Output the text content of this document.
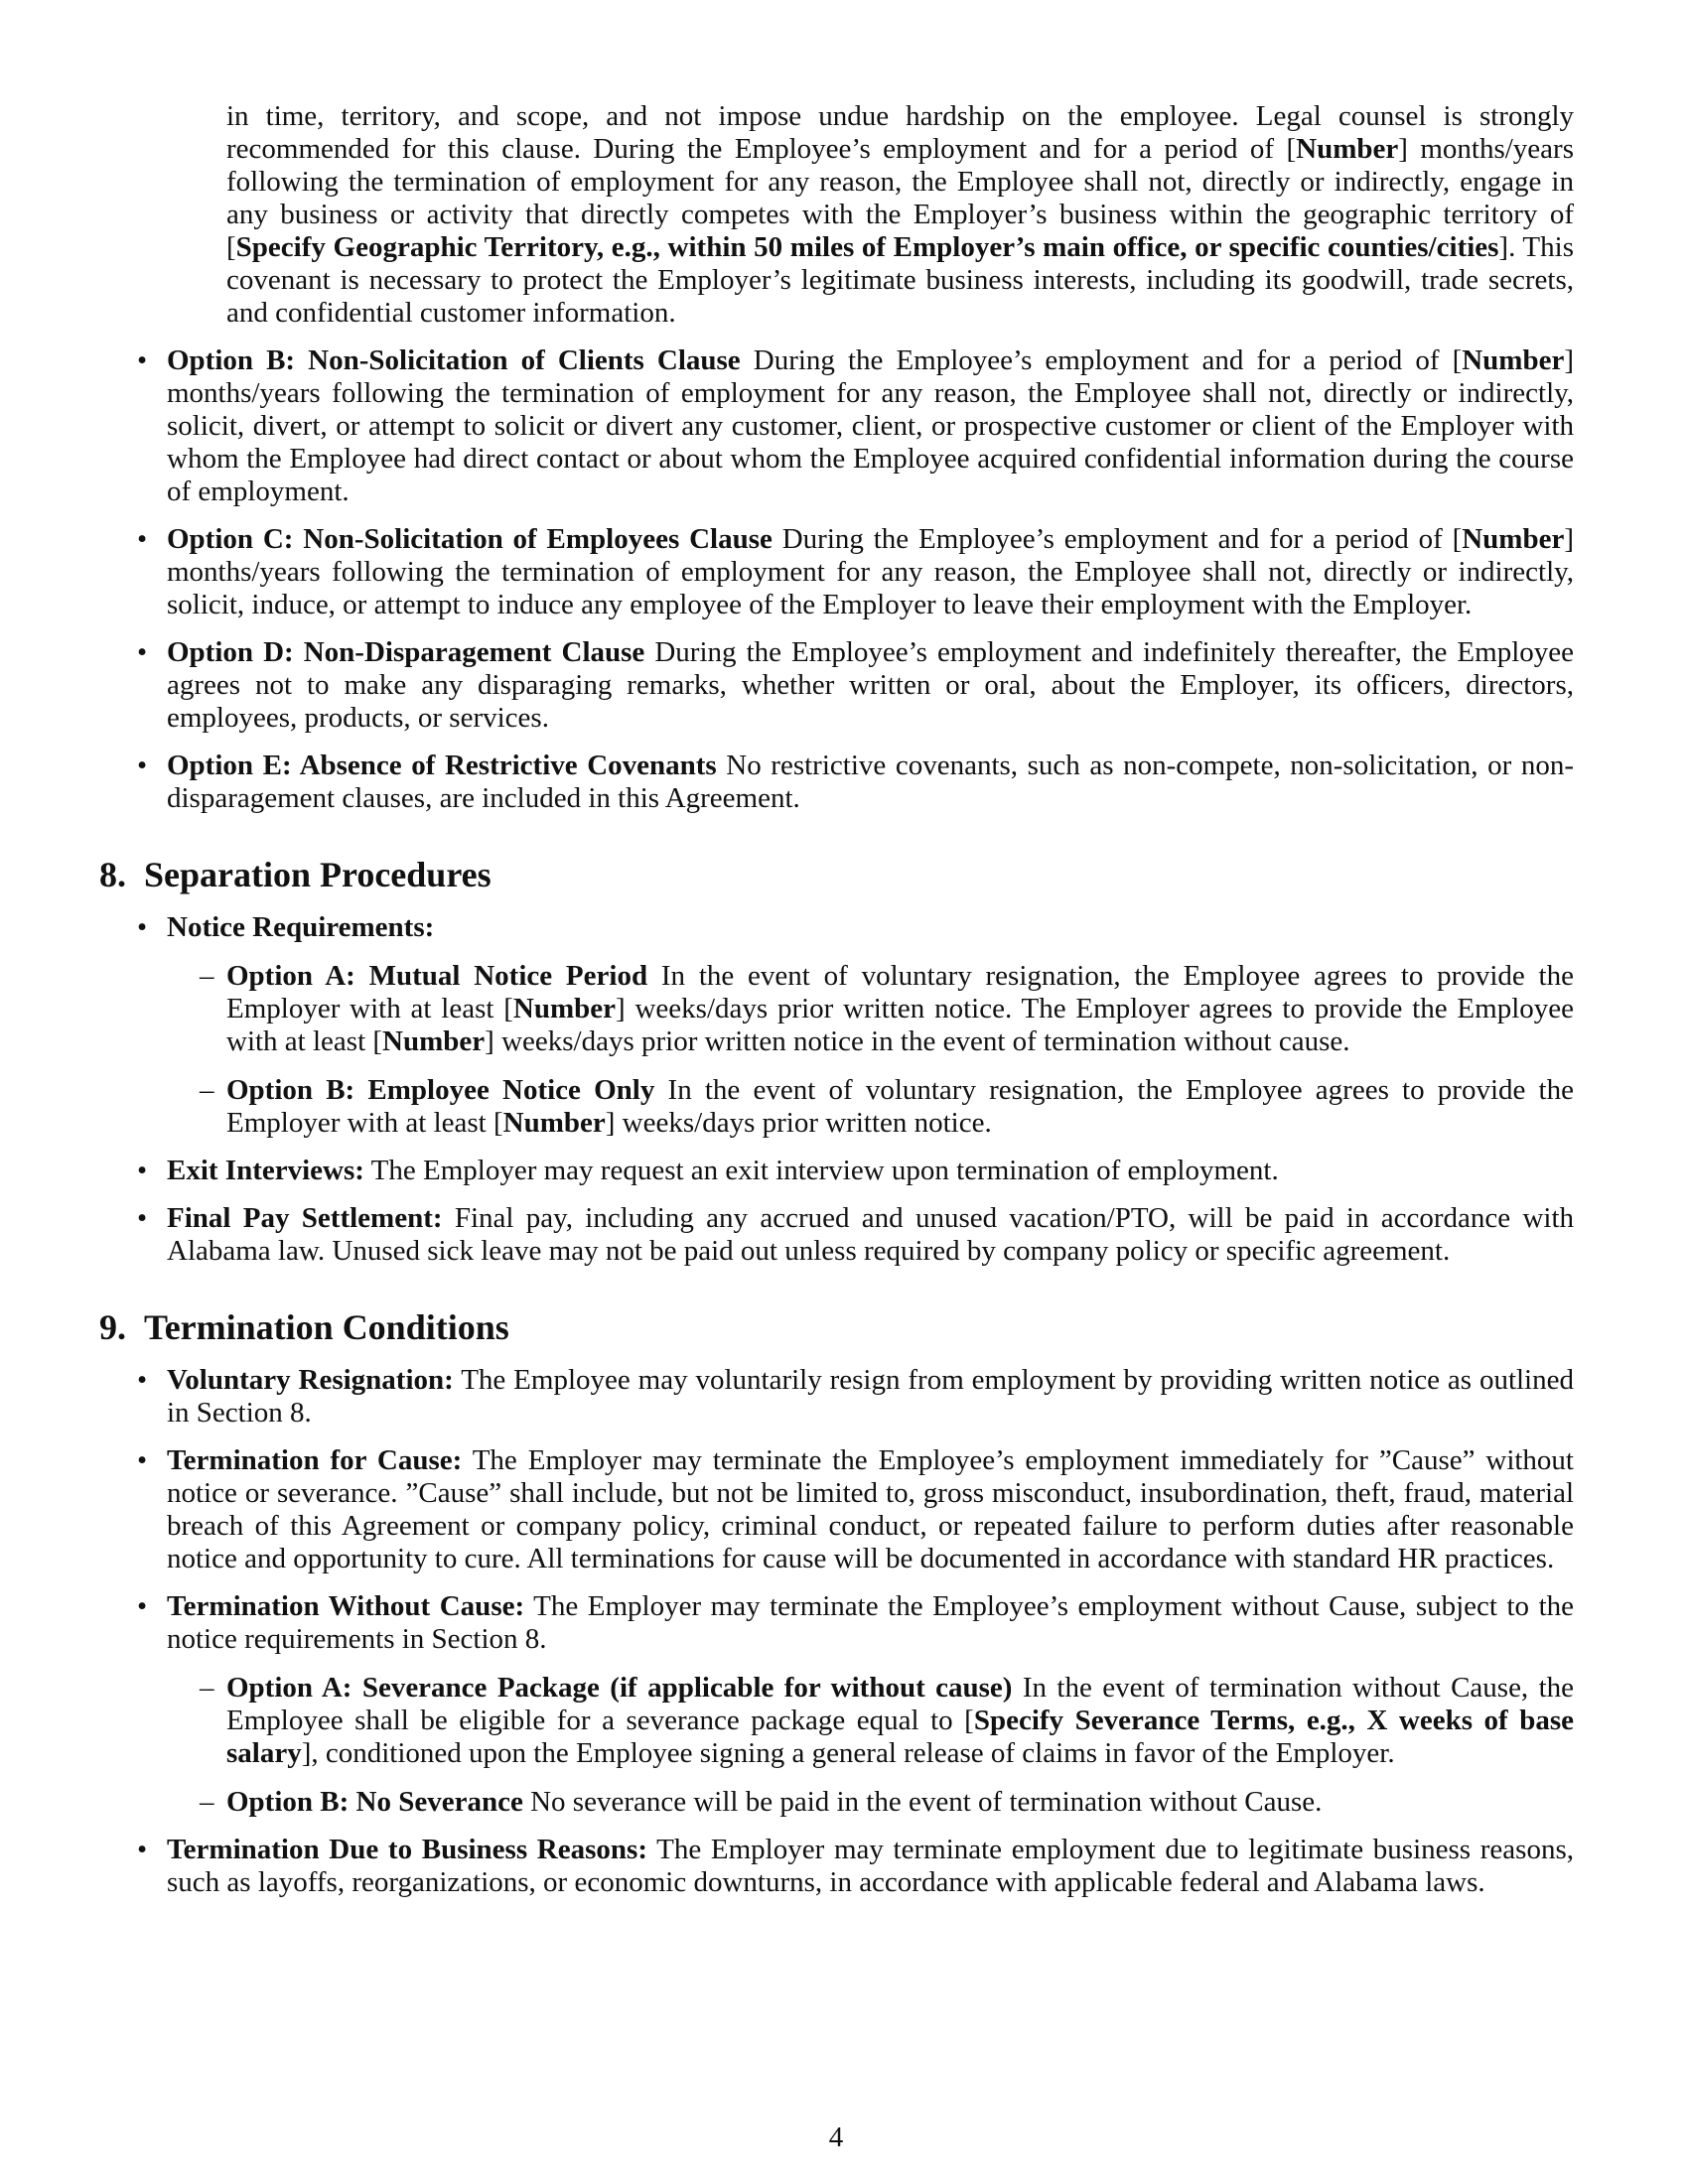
in time, territory, and scope, and not impose undue hardship on the employee. Legal counsel is strongly recommended for this clause. During the Employee’s employment and for a period of [Number] months/years following the termination of employment for any reason, the Employee shall not, directly or indirectly, engage in any business or activity that directly competes with the Employer’s business within the geographic territory of [Specify Geographic Territory, e.g., within 50 miles of Employer’s main office, or specific counties/cities]. This covenant is necessary to protect the Employer’s legitimate business interests, including its goodwill, trade secrets, and confidential customer information.

• Option B: Non-Solicitation of Clients Clause During the Employee’s employment and for a period of [Number] months/years following the termination of employment for any reason, the Employee shall not, directly or indirectly, solicit, divert, or attempt to solicit or divert any customer, client, or prospective customer or client of the Employer with whom the Employee had direct contact or about whom the Employee acquired confidential information during the course of employment.
• Option C: Non-Solicitation of Employees Clause During the Employee’s employment and for a period of [Number] months/years following the termination of employment for any reason, the Employee shall not, directly or indirectly, solicit, induce, or attempt to induce any employee of the Employer to leave their employment with the Employer.
• Option D: Non-Disparagement Clause During the Employee’s employment and indefinitely thereafter, the Employee agrees not to make any disparaging remarks, whether written or oral, about the Employer, its officers, directors, employees, products, or services.
• Option E: Absence of Restrictive Covenants No restrictive covenants, such as non-compete, non-solicitation, or non-disparagement clauses, are included in this Agreement.
8. Separation Procedures
• Notice Requirements:
– Option A: Mutual Notice Period In the event of voluntary resignation, the Employee agrees to provide the Employer with at least [Number] weeks/days prior written notice. The Employer agrees to provide the Employee with at least [Number] weeks/days prior written notice in the event of termination without cause.
– Option B: Employee Notice Only In the event of voluntary resignation, the Employee agrees to provide the Employer with at least [Number] weeks/days prior written notice.
• Exit Interviews: The Employer may request an exit interview upon termination of employment.
• Final Pay Settlement: Final pay, including any accrued and unused vacation/PTO, will be paid in accordance with Alabama law. Unused sick leave may not be paid out unless required by company policy or specific agreement.
9. Termination Conditions
• Voluntary Resignation: The Employee may voluntarily resign from employment by providing written notice as outlined in Section 8.
• Termination for Cause: The Employer may terminate the Employee’s employment immediately for ”Cause” without notice or severance. ”Cause” shall include, but not be limited to, gross misconduct, insubordination, theft, fraud, material breach of this Agreement or company policy, criminal conduct, or repeated failure to perform duties after reasonable notice and opportunity to cure. All terminations for cause will be documented in accordance with standard HR practices.
• Termination Without Cause: The Employer may terminate the Employee’s employment without Cause, subject to the notice requirements in Section 8.
– Option A: Severance Package (if applicable for without cause) In the event of termination without Cause, the Employee shall be eligible for a severance package equal to [Specify Severance Terms, e.g., X weeks of base salary], conditioned upon the Employee signing a general release of claims in favor of the Employer.
– Option B: No Severance No severance will be paid in the event of termination without Cause.
• Termination Due to Business Reasons: The Employer may terminate employment due to legitimate business reasons, such as layoffs, reorganizations, or economic downturns, in accordance with applicable federal and Alabama laws.
4
